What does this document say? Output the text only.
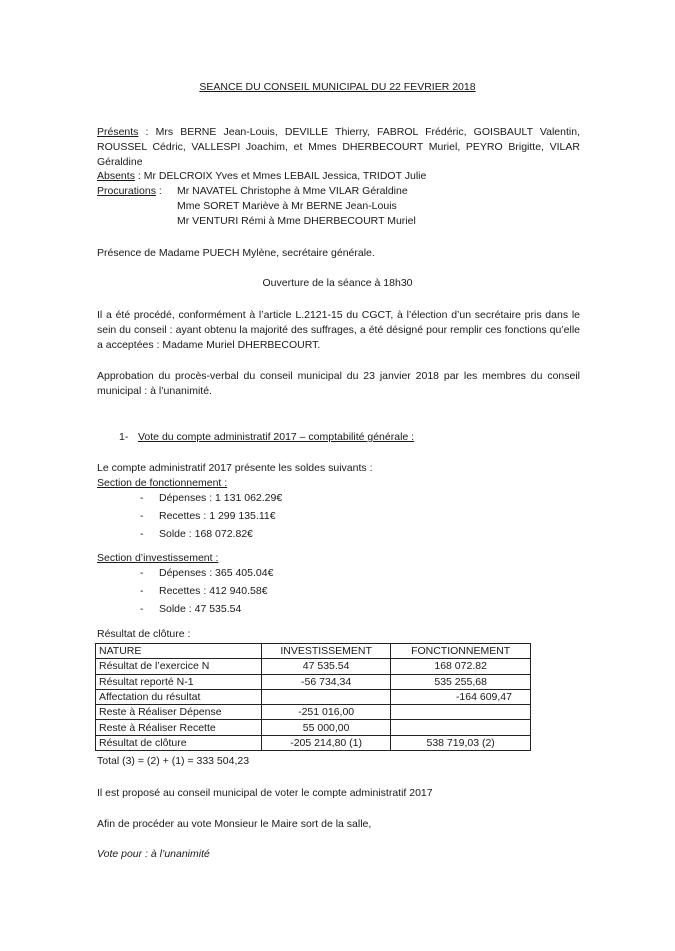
SEANCE DU CONSEIL MUNICIPAL DU 22 FEVRIER 2018
Présents : Mrs BERNE Jean-Louis, DEVILLE Thierry, FABROL Frédéric, GOISBAULT Valentin, ROUSSEL Cédric, VALLESPI Joachim, et Mmes DHERBECOURT Muriel, PEYRO Brigitte, VILAR Géraldine
Absents : Mr DELCROIX Yves et Mmes LEBAIL Jessica, TRIDOT Julie
Procurations : Mr NAVATEL Christophe à Mme VILAR Géraldine
Mme SORET Mariève à Mr BERNE Jean-Louis
Mr VENTURI Rémi à Mme DHERBECOURT Muriel
Présence de Madame PUECH Mylène, secrétaire générale.
Ouverture de la séance à 18h30
Il a été procédé, conformément à l’article L.2121-15 du CGCT, à l’élection d’un secrétaire pris dans le sein du conseil : ayant obtenu la majorité des suffrages, a été désigné pour remplir ces fonctions qu’elle a acceptées : Madame Muriel DHERBECOURT.
Approbation du procès-verbal du conseil municipal du 23 janvier 2018 par les membres du conseil municipal : à l’unanimité.
1- Vote du compte administratif 2017 – comptabilité générale :
Le compte administratif 2017 présente les soldes suivants :
Section de fonctionnement :
- Dépenses : 1 131 062.29€
- Recettes : 1 299 135.11€
- Solde : 168 072.82€
Section d’investissement :
- Dépenses : 365 405.04€
- Recettes : 412 940.58€
- Solde : 47 535.54
Résultat de clôture :
NATURE	INVESTISSEMENT	FONCTIONNEMENT
Résultat de l’exercice N	47 535.54	168 072.82
Résultat reporté N-1	-56 734,34	535 255,68
Affectation du résultat		-164 609,47
Reste à Réaliser Dépense	-251 016,00	
Reste à Réaliser Recette	55 000,00	
Résultat de clôture	-205 214,80 (1)	538 719,03 (2)
Total (3) = (2) + (1) = 333 504,23
Il est proposé au conseil municipal de voter le compte administratif 2017
Afin de procéder au vote Monsieur le Maire sort de la salle,
Vote pour : à l’unanimité
